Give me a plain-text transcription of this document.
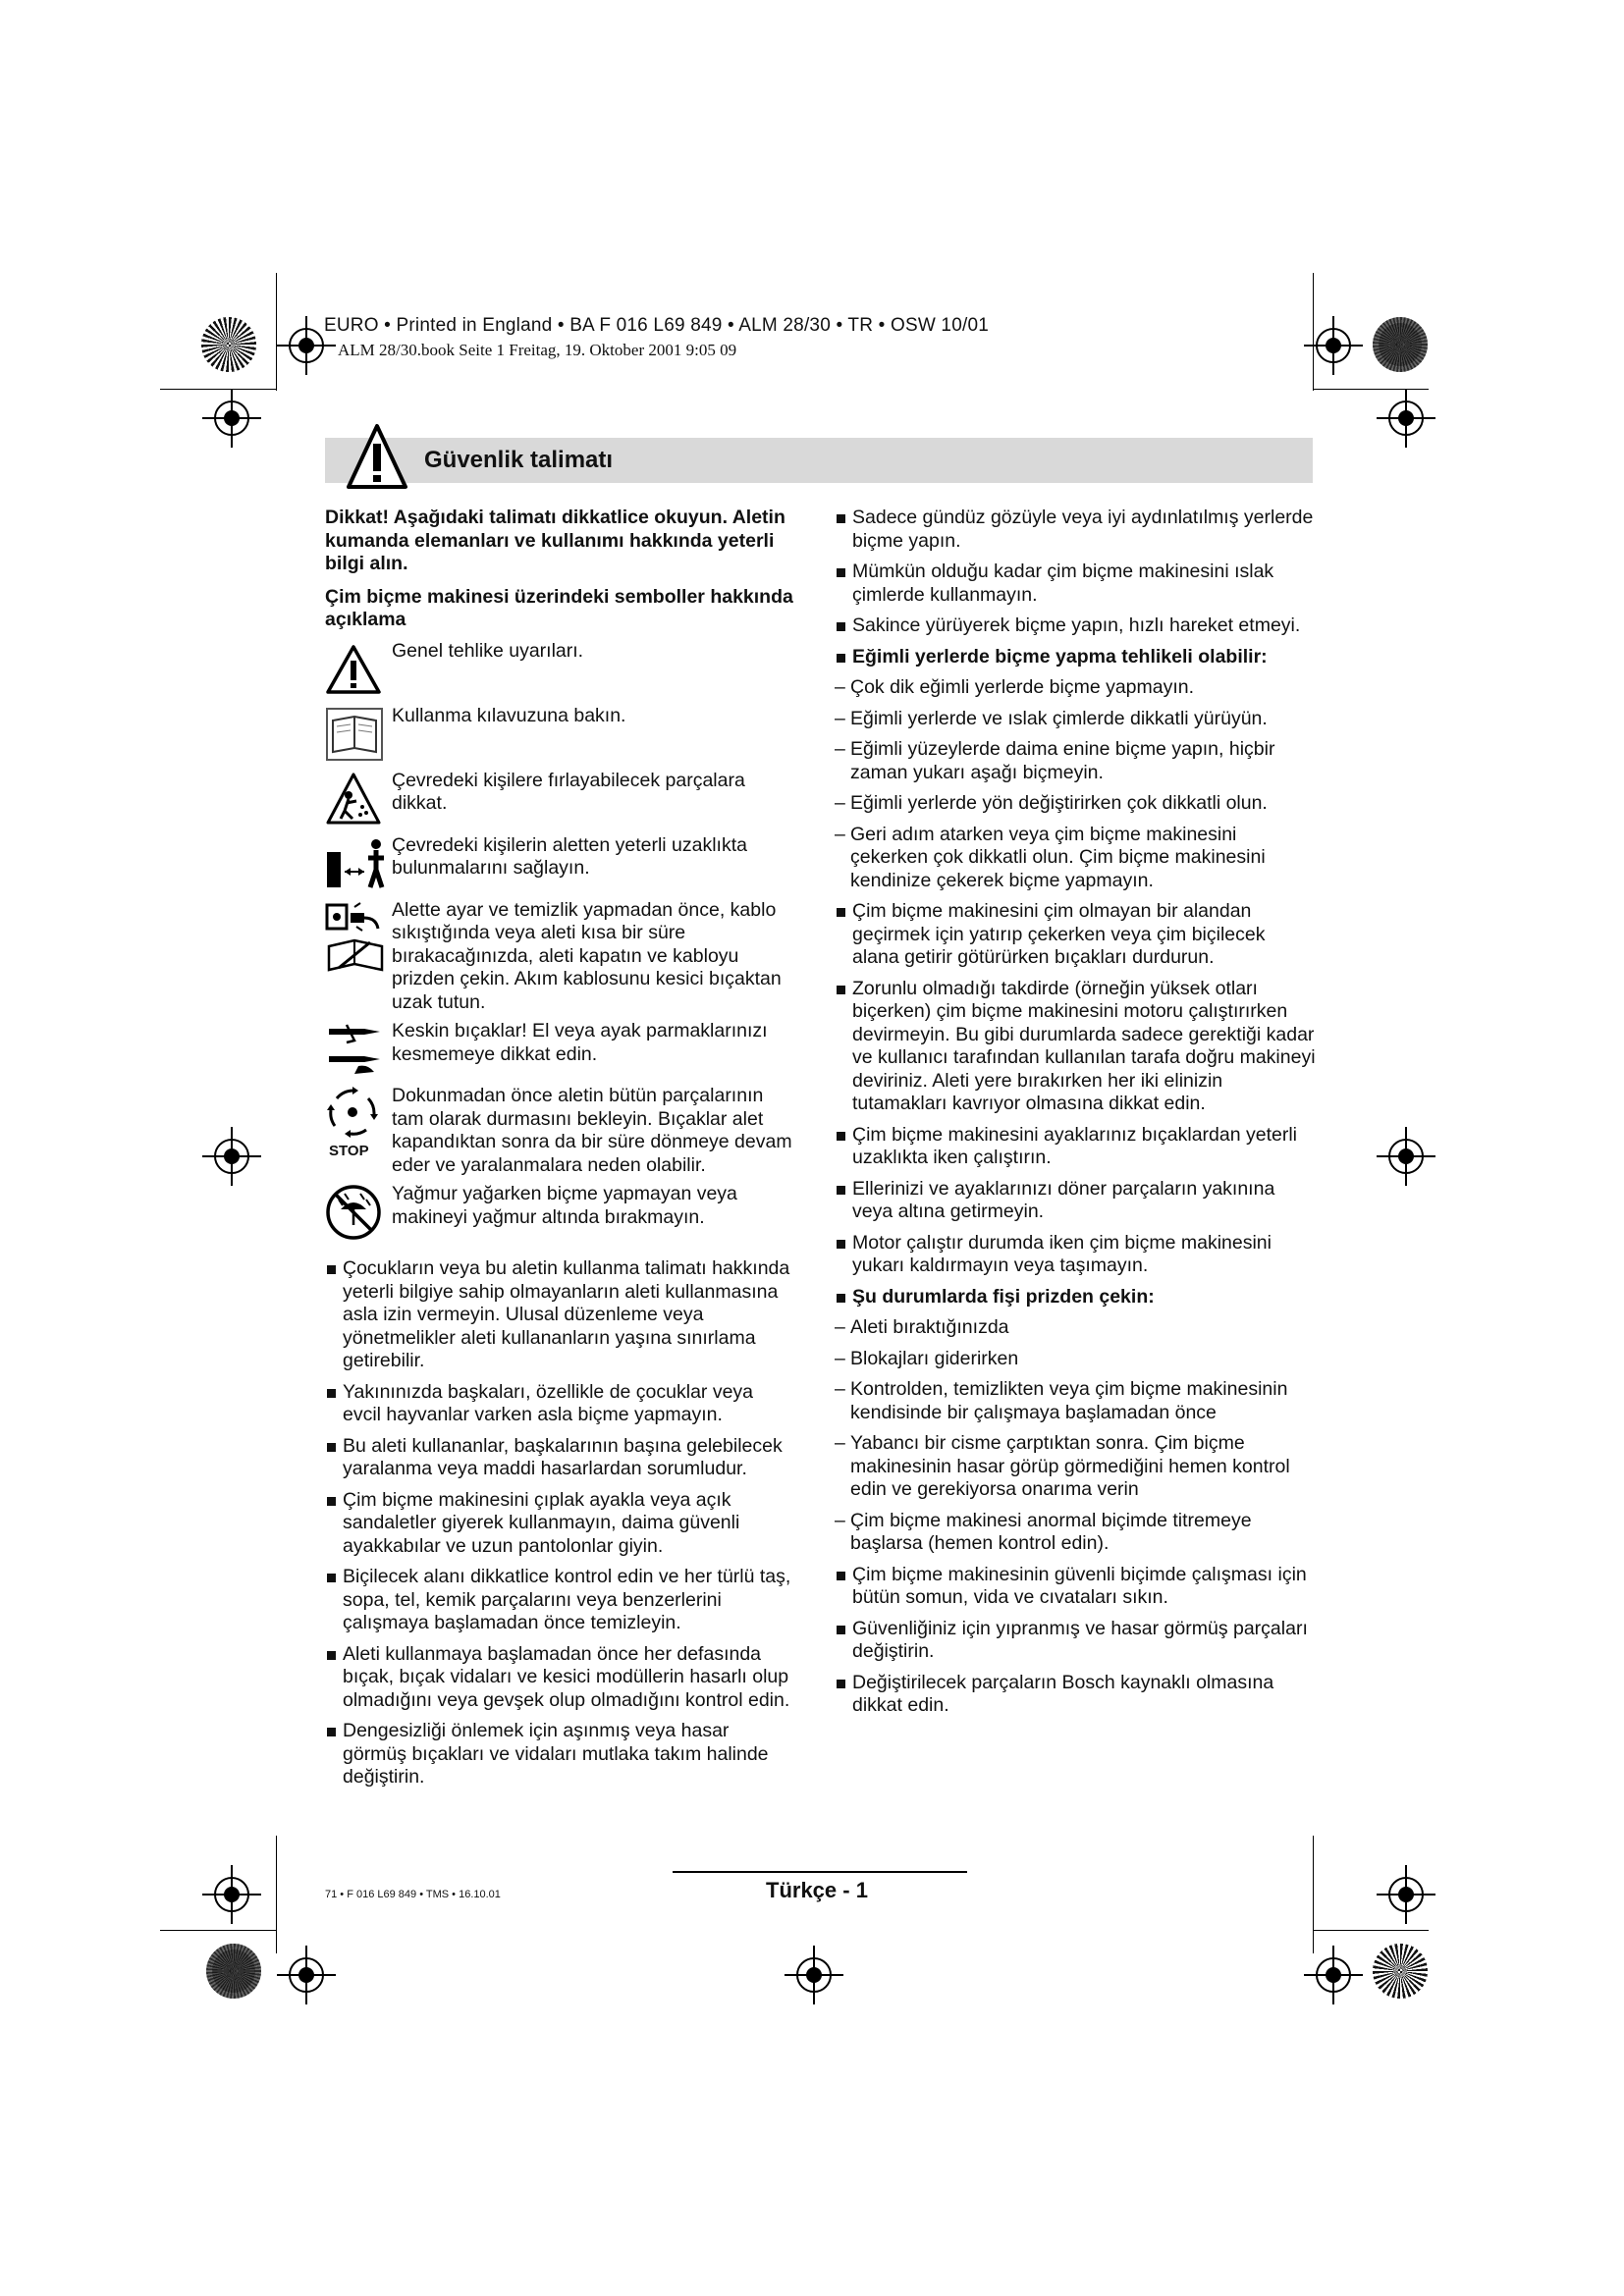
EURO • Printed in England • BA F 016 L69 849 • ALM 28/30 • TR • OSW 10/01
ALM 28/30.book Seite 1 Freitag, 19. Oktober 2001 9:05 09
Güvenlik talimatı

Dikkat! Aşağıdaki talimatı dikkatlice okuyun. Aletin kumanda elemanları ve kullanımı hakkında yeterli bilgi alın.

Çim biçme makinesi üzerindeki semboller hakkında açıklama

Genel tehlike uyarıları.
Kullanma kılavuzuna bakın.
Çevredeki kişilere fırlayabilecek parçalara dikkat.
Çevredeki kişilerin aletten yeterli uzaklıkta bulunmalarını sağlayın.
Alette ayar ve temizlik yapmadan önce, kablo sıkıştığında veya aleti kısa bir süre bırakacağınızda, aleti kapatın ve kabloyu prizden çekin. Akım kablosunu kesici bıçaktan uzak tutun.
Keskin bıçaklar! El veya ayak parmaklarınızı kesmemeye dikkat edin.
STOP
Dokunmadan önce aletin bütün parçalarının tam olarak durmasını bekleyin. Bıçaklar alet kapandıktan sonra da bir süre dönmeye devam eder ve yaralanmalara neden olabilir.
Yağmur yağarken biçme yapmayan veya makineyi yağmur altında bırakmayın.
Çocukların veya bu aletin kullanma talimatı hakkında yeterli bilgiye sahip olmayanların aleti kullanmasına asla izin vermeyin. Ulusal düzenleme veya yönetmelikler aleti kullananların yaşına sınırlama getirebilir.
Yakınınızda başkaları, özellikle de çocuklar veya evcil hayvanlar varken asla biçme yapmayın.
Bu aleti kullananlar, başkalarının başına gelebilecek yaralanma veya maddi hasarlardan sorumludur.
Çim biçme makinesini çıplak ayakla veya açık sandaletler giyerek kullanmayın, daima güvenli ayakkabılar ve uzun pantolonlar giyin.
Biçilecek alanı dikkatlice kontrol edin ve her türlü taş, sopa, tel, kemik parçalarını veya benzerlerini çalışmaya başlamadan önce temizleyin.
Aleti kullanmaya başlamadan önce her defasında bıçak, bıçak vidaları ve kesici modüllerin hasarlı olup olmadığını veya gevşek olup olmadığını kontrol edin.
Dengesizliği önlemek için aşınmış veya hasar görmüş bıçakları ve vidaları mutlaka takım halinde değiştirin.
Sadece gündüz gözüyle veya iyi aydınlatılmış yerlerde biçme yapın.
Mümkün olduğu kadar çim biçme makinesini ıslak çimlerde kullanmayın.
Sakince yürüyerek biçme yapın, hızlı hareket etmeyi.
Eğimli yerlerde biçme yapma tehlikeli olabilir:
– Çok dik eğimli yerlerde biçme yapmayın.
– Eğimli yerlerde ve ıslak çimlerde dikkatli yürüyün.
– Eğimli yüzeylerde daima enine biçme yapın, hiçbir zaman yukarı aşağı biçmeyin.
– Eğimli yerlerde yön değiştirirken çok dikkatli olun.
– Geri adım atarken veya çim biçme makinesini çekerken çok dikkatli olun. Çim biçme makinesini kendinize çekerek biçme yapmayın.
Çim biçme makinesini çim olmayan bir alandan geçirmek için yatırıp çekerken veya çim biçilecek alana getirir götürürken bıçakları durdurun.
Zorunlu olmadığı takdirde (örneğin yüksek otları biçerken) çim biçme makinesini motoru çalıştırırken devirmeyin. Bu gibi durumlarda sadece gerektiği kadar ve kullanıcı tarafından kullanılan tarafa doğru makineyi deviriniz. Aleti yere bırakırken her iki elinizin tutamakları kavrıyor olmasına dikkat edin.
Çim biçme makinesini ayaklarınız bıçaklardan yeterli uzaklıkta iken çalıştırın.
Ellerinizi ve ayaklarınızı döner parçaların yakınına veya altına getirmeyin.
Motor çalıştır durumda iken çim biçme makinesini yukarı kaldırmayın veya taşımayın.
Şu durumlarda fişi prizden çekin:
– Aleti bıraktığınızda
– Blokajları giderirken
– Kontrolden, temizlikten veya çim biçme makinesinin kendisinde bir çalışmaya başlamadan önce
– Yabancı bir cisme çarptıktan sonra. Çim biçme makinesinin hasar görüp görmediğini hemen kontrol edin ve gerekiyorsa onarıma verin
– Çim biçme makinesi anormal biçimde titremeye başlarsa (hemen kontrol edin).
Çim biçme makinesinin güvenli biçimde çalışması için bütün somun, vida ve cıvataları sıkın.
Güvenliğiniz için yıpranmış ve hasar görmüş parçaları değiştirin.
Değiştirilecek parçaların Bosch kaynaklı olmasına dikkat edin.
71 • F 016 L69 849 • TMS • 16.10.01	Türkçe - 1
